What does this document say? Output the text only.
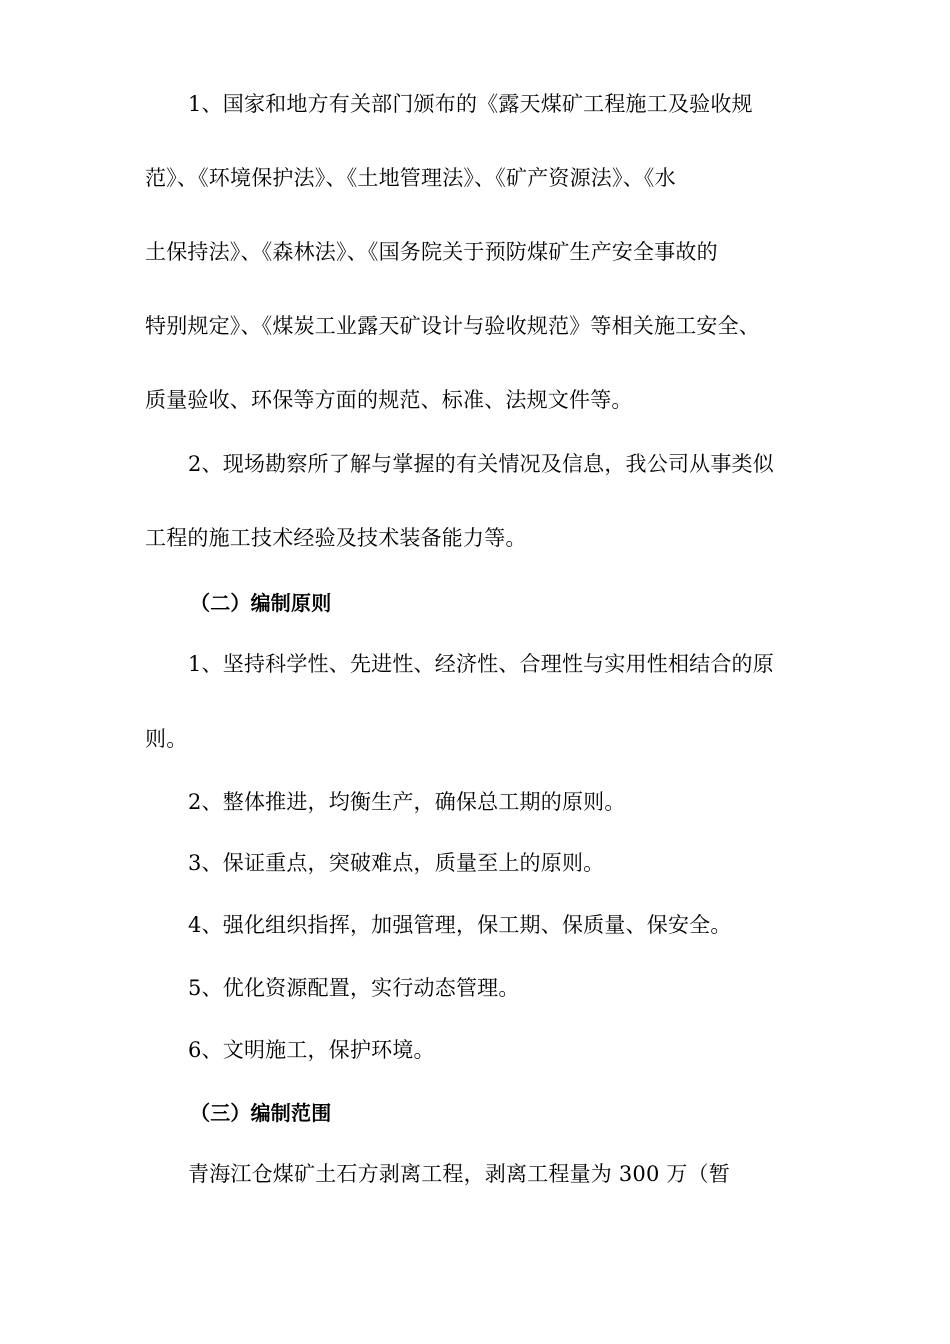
1、国家和地方有关部门颁布的《露天煤矿工程施工及验收规
范》、《环境保护法》、《土地管理法》、《矿产资源法》、《水
土保持法》、《森林法》、《国务院关于预防煤矿生产安全事故的
特别规定》、《煤炭工业露天矿设计与验收规范》等相关施工安全、
质量验收、环保等方面的规范、标准、法规文件等。
2、现场勘察所了解与掌握的有关情况及信息，我公司从事类似
工程的施工技术经验及技术装备能力等。
（二）编制原则
1、坚持科学性、先进性、经济性、合理性与实用性相结合的原
则。
2、整体推进，均衡生产，确保总工期的原则。
3、保证重点，突破难点，质量至上的原则。
4、强化组织指挥，加强管理，保工期、保质量、保安全。
5、优化资源配置，实行动态管理。
6、文明施工，保护环境。
（三）编制范围
青海江仓煤矿土石方剥离工程，剥离工程量为 300 万（暂
